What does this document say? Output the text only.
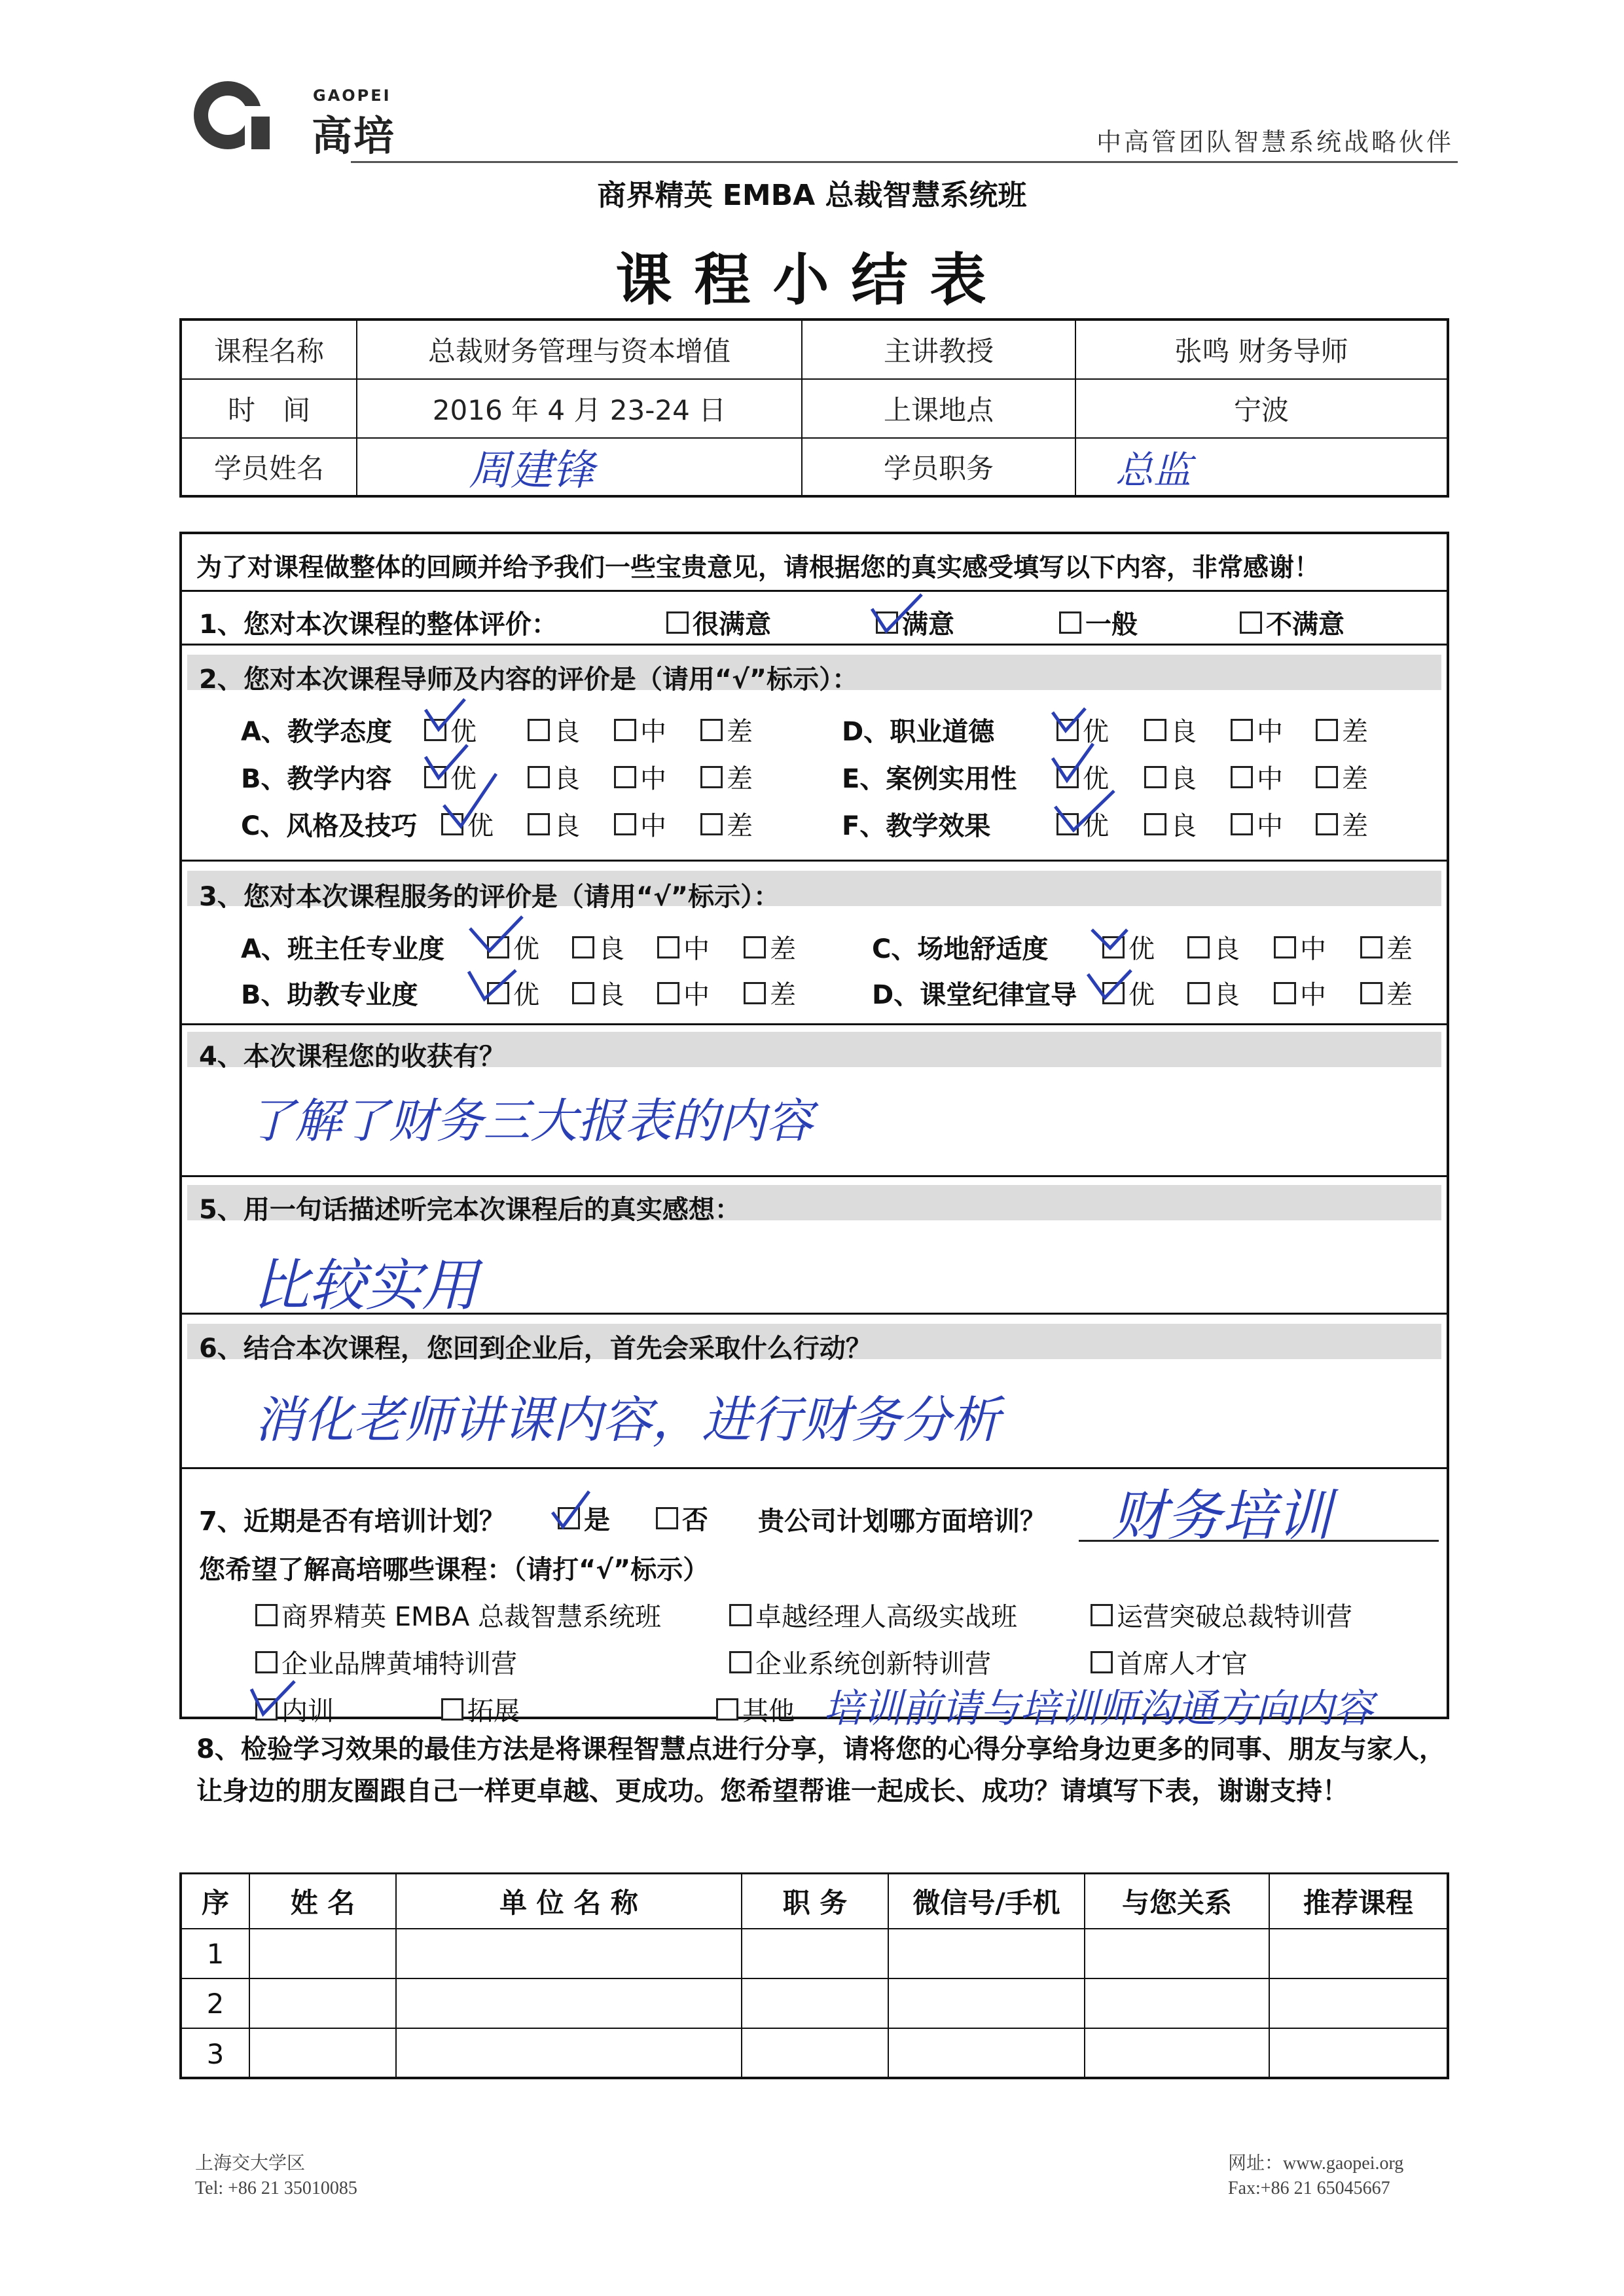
GAOPEI
高培	中高管团队智慧系统战略伙伴
商界精英 EMBA 总裁智慧系统班
课程小结表
课程名称	总裁财务管理与资本增值	主讲教授	张鸣 财务导师
时　间	2016 年 4 月 23-24 日	上课地点	宁波
学员姓名	周建锋	学员职务	总监
为了对课程做整体的回顾并给予我们一些宝贵意见，请根据您的真实感受填写以下内容，非常感谢！
1、您对本次课程的整体评价：	很满意	满意	一般	不满意
2、您对本次课程导师及内容的评价是（请用“√”标示）：
A、教学态度 优	良 中 差
B、教学内容 优	良 中 差
C、风格及技巧 优 良 中 差
D、职业道德	优 良 中 差
E、案例实用性	优 良 中 差
F、教学效果	优 良 中 差
3、您对本次课程服务的评价是（请用“√”标示）：
A、班主任专业度	优 良 中 差
B、助教专业度	优 良 中 差
C、场地舒适度	优 良 中 差
D、课堂纪律宣导 优 良 中 差
4、本次课程您的收获有？
了解了财务三大报表的内容
5、用一句话描述听完本次课程后的真实感想：
比较实用
6、结合本次课程，您回到企业后，首先会采取什么行动？
消化老师讲课内容，进行财务分析
7、近期是否有培训计划？	是	否 贵公司计划哪方面培训？ 财务培训
您希望了解高培哪些课程：（请打“√”标示）
商界精英 EMBA 总裁智慧系统班	卓越经理人高级实战班	运营突破总裁特训营
企业品牌黄埔特训营	企业系统创新特训营	首席人才官
内训	拓展	其他 培训前请与培训师沟通方向内容
8、检验学习效果的最佳方法是将课程智慧点进行分享，请将您的心得分享给身边更多的同事、朋友与家人，让身边的朋友圈跟自己一样更卓越、更成功。您希望帮谁一起成长、成功？请填写下表，谢谢支持！
序	姓 名	单 位 名 称	职 务	微信号/手机	与您关系	推荐课程
1
2
3
上海交大学区
Tel: +86 21 35010085
网址：www.gaopei.org
Fax:+86 21 65045667
